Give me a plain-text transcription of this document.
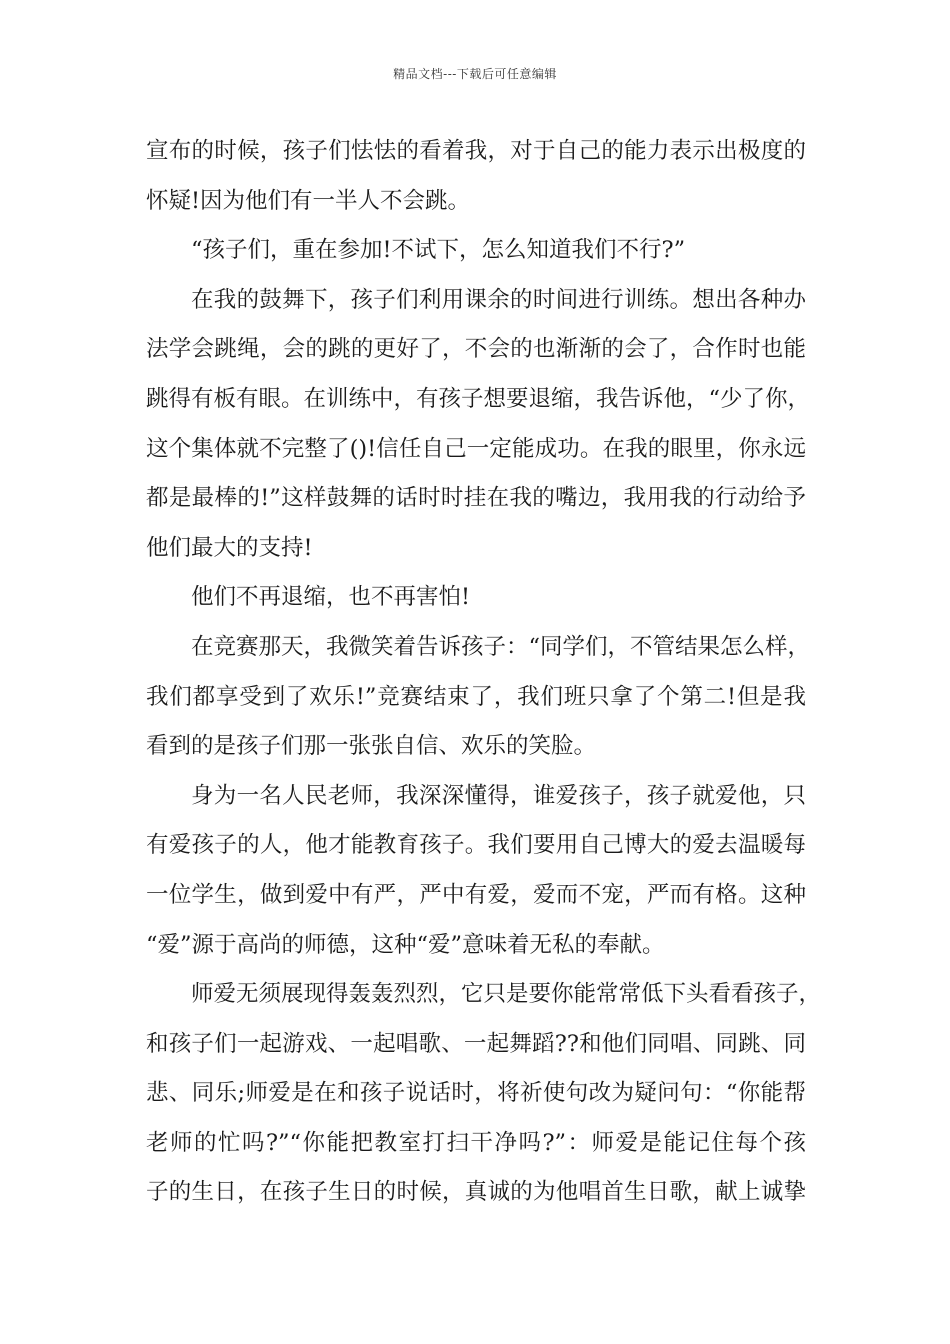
精品文档---下载后可任意编辑
宣布的时候，孩子们怯怯的看着我，对于自己的能力表示出极度的
怀疑!因为他们有一半人不会跳。
“孩子们，重在参加!不试下，怎么知道我们不行?”
在我的鼓舞下，孩子们利用课余的时间进行训练。想出各种办
法学会跳绳，会的跳的更好了，不会的也渐渐的会了，合作时也能
跳得有板有眼。在训练中，有孩子想要退缩，我告诉他，“少了你，
这个集体就不完整了()!信任自己一定能成功。在我的眼里，你永远
都是最棒的!”这样鼓舞的话时时挂在我的嘴边，我用我的行动给予
他们最大的支持!
他们不再退缩，也不再害怕!
在竞赛那天，我微笑着告诉孩子：“同学们，不管结果怎么样，
我们都享受到了欢乐!”竞赛结束了，我们班只拿了个第二!但是我
看到的是孩子们那一张张自信、欢乐的笑脸。
身为一名人民老师，我深深懂得，谁爱孩子，孩子就爱他，只
有爱孩子的人，他才能教育孩子。我们要用自己博大的爱去温暖每
一位学生，做到爱中有严，严中有爱，爱而不宠，严而有格。这种
“爱”源于高尚的师德，这种“爱”意味着无私的奉献。
师爱无须展现得轰轰烈烈，它只是要你能常常低下头看看孩子，
和孩子们一起游戏、一起唱歌、一起舞蹈??和他们同唱、同跳、同
悲、同乐;师爱是在和孩子说话时，将祈使句改为疑问句：“你能帮
老师的忙吗?”“你能把教室打扫干净吗?”：师爱是能记住每个孩
子的生日，在孩子生日的时候，真诚的为他唱首生日歌，献上诚挚
